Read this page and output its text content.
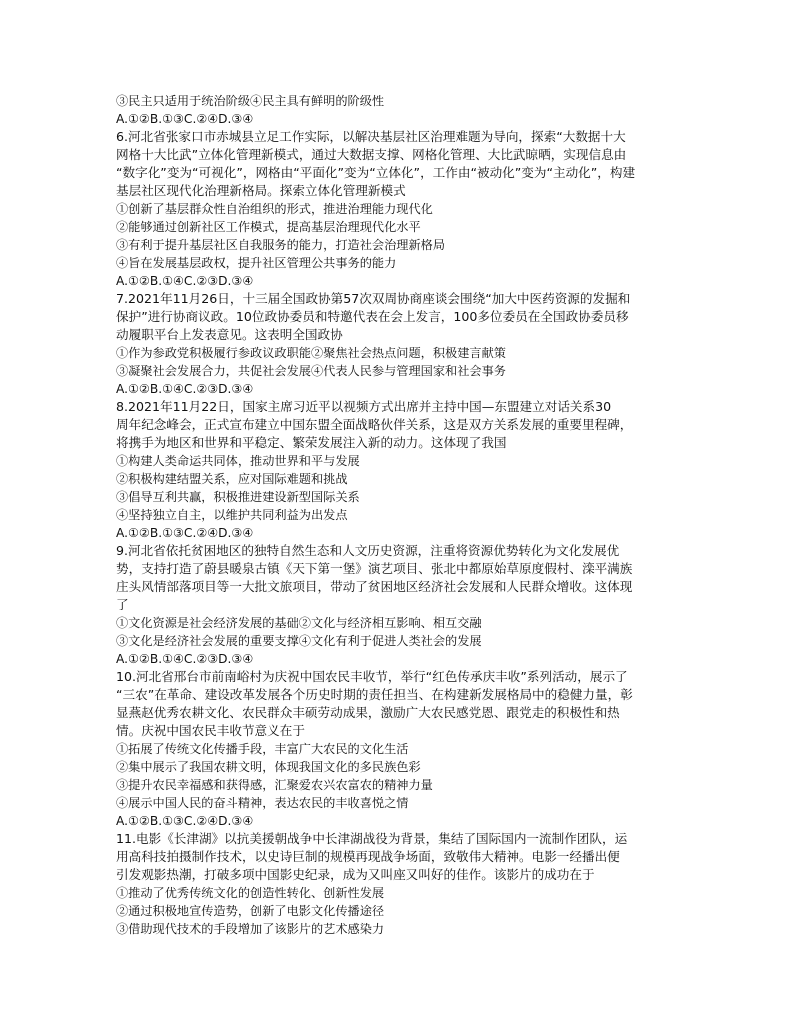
③民主只适用于统治阶级④民主具有鲜明的阶级性
A.①②B.①③C.②④D.③④
6.河北省张家口市赤城县立足工作实际，以解决基层社区治理难题为导向，探索“大数据十大
网格十大比武”立体化管理新模式，通过大数据支撑、网格化管理、大比武晾晒，实现信息由
“数字化”变为“可视化”，网格由“平面化”变为“立体化”，工作由“被动化”变为“主动化”，构建
基层社区现代化治理新格局。探索立体化管理新模式
①创新了基层群众性自治组织的形式，推进治理能力现代化
②能够通过创新社区工作模式，提高基层治理现代化水平
③有利于提升基层社区自我服务的能力，打造社会治理新格局
④旨在发展基层政权，提升社区管理公共事务的能力
A.①②B.①④C.②③D.③④
7.2021年11月26日，十三届全国政协第57次双周协商座谈会围绕“加大中医药资源的发掘和
保护”进行协商议政。10位政协委员和特邀代表在会上发言，100多位委员在全国政协委员移
动履职平台上发表意见。这表明全国政协
①作为参政党积极履行参政议政职能②聚焦社会热点问题，积极建言献策
③凝聚社会发展合力，共促社会发展④代表人民参与管理国家和社会事务
A.①②B.①④C.②③D.③④
8.2021年11月22日，国家主席习近平以视频方式出席并主持中国—东盟建立对话关系30
周年纪念峰会，正式宣布建立中国东盟全面战略伙伴关系，这是双方关系发展的重要里程碑，
将携手为地区和世界和平稳定、繁荣发展注入新的动力。这体现了我国
①构建人类命运共同体，推动世界和平与发展
②积极构建结盟关系，应对国际难题和挑战
③倡导互利共赢，积极推进建设新型国际关系
④坚持独立自主，以维护共同利益为出发点
A.①②B.①③C.②④D.③④
9.河北省依托贫困地区的独特自然生态和人文历史资源，注重将资源优势转化为文化发展优
势，支持打造了蔚县暖泉古镇《天下第一堡》演艺项目、张北中都原始草原度假村、滦平满族
庄头风情部落项目等一大批文旅项目，带动了贫困地区经济社会发展和人民群众增收。这体现
了
①文化资源是社会经济发展的基础②文化与经济相互影响、相互交融
③文化是经济社会发展的重要支撑④文化有利于促进人类社会的发展
A.①②B.①④C.②③D.③④
10.河北省邢台市前南峪村为庆祝中国农民丰收节，举行“红色传承庆丰收”系列活动，展示了
“三农”在革命、建设改革发展各个历史时期的责任担当、在构建新发展格局中的稳健力量，彰
显燕赵优秀农耕文化、农民群众丰硕劳动成果，激励广大农民感党恩、跟党走的积极性和热
情。庆祝中国农民丰收节意义在于
①拓展了传统文化传播手段，丰富广大农民的文化生活
②集中展示了我国农耕文明，体现我国文化的多民族色彩
③提升农民幸福感和获得感，汇聚爱农兴农富农的精神力量
④展示中国人民的奋斗精神，表达农民的丰收喜悦之情
A.①②B.①③C.②④D.③④
11.电影《长津湖》以抗美援朝战争中长津湖战役为背景，集结了国际国内一流制作团队，运
用高科技拍摄制作技术，以史诗巨制的规模再现战争场面，致敬伟大精神。电影一经播出便
引发观影热潮，打破多项中国影史纪录，成为又叫座又叫好的佳作。该影片的成功在于
①推动了优秀传统文化的创造性转化、创新性发展
②通过积极地宣传造势，创新了电影文化传播途径
③借助现代技术的手段增加了该影片的艺术感染力
